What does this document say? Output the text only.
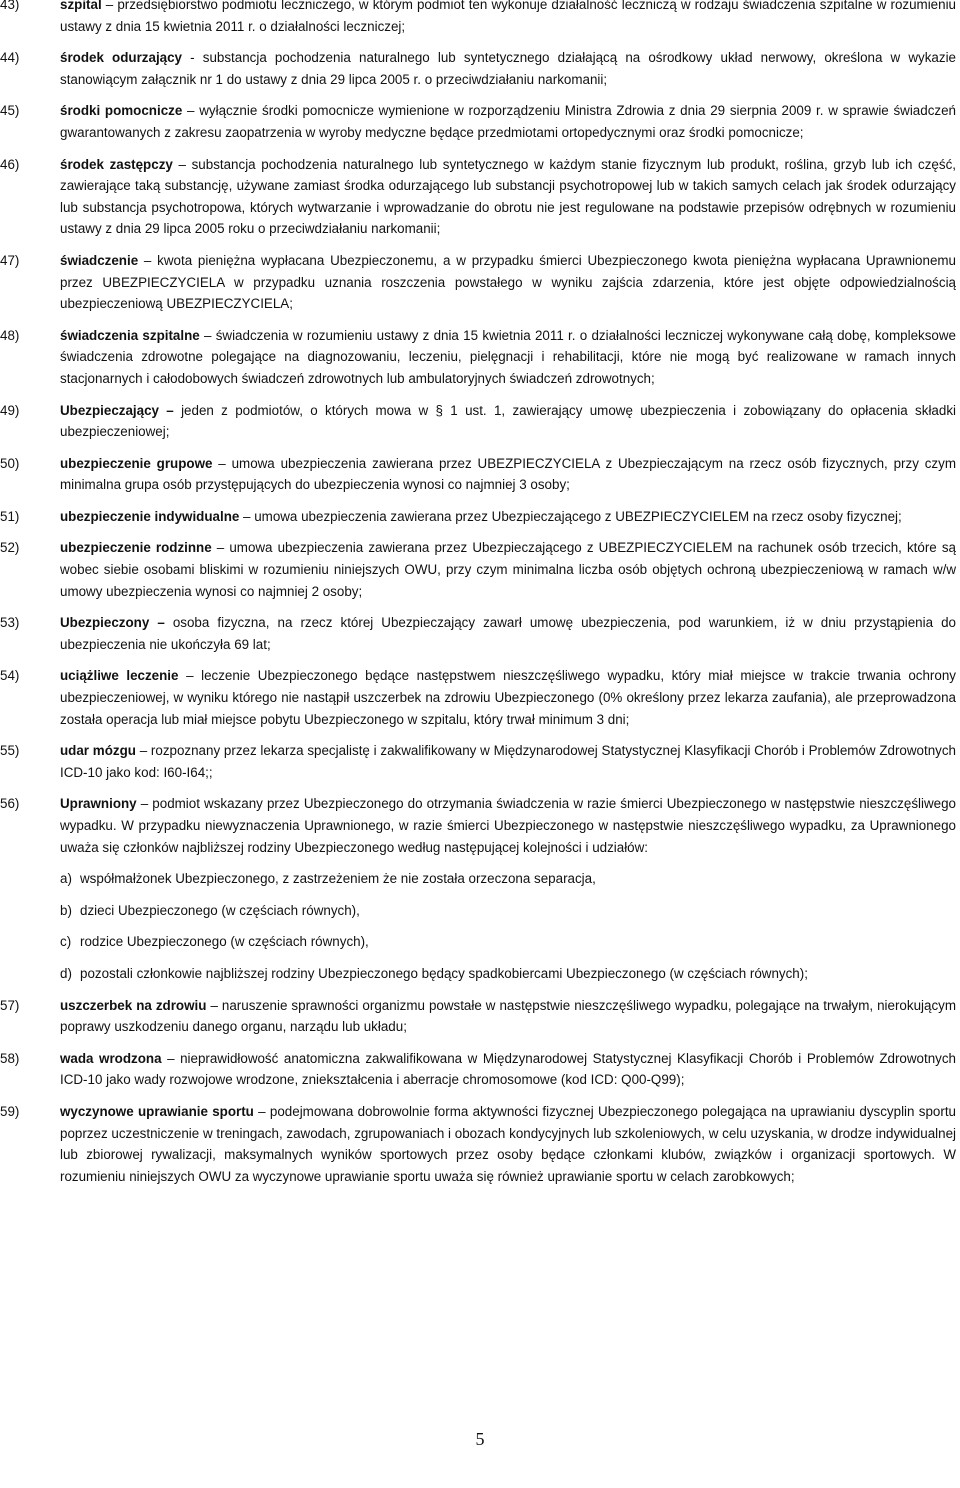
43)	szpital – przedsiębiorstwo podmiotu leczniczego, w którym podmiot ten wykonuje działalność leczniczą w rodzaju świadczenia szpitalne w rozumieniu ustawy z dnia 15 kwietnia 2011 r. o działalności leczniczej;

44)	środek odurzający - substancja pochodzenia naturalnego lub syntetycznego działającą na ośrodkowy układ nerwowy, określona w wykazie stanowiącym załącznik nr 1 do ustawy z dnia 29 lipca 2005 r. o przeciwdziałaniu narkomanii;

45)	środki pomocnicze – wyłącznie środki pomocnicze wymienione w rozporządzeniu Ministra Zdrowia z dnia 29 sierpnia 2009 r. w sprawie świadczeń gwarantowanych z zakresu zaopatrzenia w wyroby medyczne będące przedmiotami ortopedycznymi oraz środki pomocnicze;

46)	środek zastępczy – substancja pochodzenia naturalnego lub syntetycznego w każdym stanie fizycznym lub produkt, roślina, grzyb lub ich część, zawierające taką substancję, używane zamiast środka odurzającego lub substancji psychotropowej lub w takich samych celach jak środek odurzający lub substancja psychotropowa, których wytwarzanie i wprowadzanie do obrotu nie jest regulowane na podstawie przepisów odrębnych w rozumieniu ustawy z dnia 29 lipca 2005 roku o przeciwdziałaniu narkomanii;

47)	świadczenie – kwota pieniężna wypłacana Ubezpieczonemu, a w przypadku śmierci Ubezpieczonego kwota pieniężna wypłacana Uprawnionemu przez UBEZPIECZYCIELA w przypadku uznania roszczenia powstałego w wyniku zajścia zdarzenia, które jest objęte odpowiedzialnością ubezpieczeniową UBEZPIECZYCIELA;

48)	świadczenia szpitalne – świadczenia w rozumieniu ustawy z dnia 15 kwietnia 2011 r. o działalności leczniczej wykonywane całą dobę, kompleksowe świadczenia zdrowotne polegające na diagnozowaniu, leczeniu, pielęgnacji i rehabilitacji, które nie mogą być realizowane w ramach innych stacjonarnych i całodobowych świadczeń zdrowotnych lub ambulatoryjnych świadczeń zdrowotnych;

49)	Ubezpieczający – jeden z podmiotów, o których mowa w § 1 ust. 1, zawierający umowę ubezpieczenia i zobowiązany do opłacenia składki ubezpieczeniowej;

50)	ubezpieczenie grupowe – umowa ubezpieczenia zawierana przez UBEZPIECZYCIELA z Ubezpieczającym na rzecz osób fizycznych, przy czym minimalna grupa osób przystępujących do ubezpieczenia wynosi co najmniej 3 osoby;

51)	ubezpieczenie indywidualne – umowa ubezpieczenia zawierana przez Ubezpieczającego z UBEZPIECZYCIELEM na rzecz osoby fizycznej;

52)	ubezpieczenie rodzinne – umowa ubezpieczenia zawierana przez Ubezpieczającego z UBEZPIECZYCIELEM na rachunek osób trzecich, które są wobec siebie osobami bliskimi w rozumieniu niniejszych OWU, przy czym minimalna liczba osób objętych ochroną ubezpieczeniową w ramach w/w umowy ubezpieczenia wynosi co najmniej 2 osoby;

53)	Ubezpieczony – osoba fizyczna, na rzecz której Ubezpieczający zawarł umowę ubezpieczenia, pod warunkiem, iż w dniu przystąpienia do ubezpieczenia nie ukończyła 69 lat;

54)	uciążliwe leczenie – leczenie Ubezpieczonego będące następstwem nieszczęśliwego wypadku, który miał miejsce w trakcie trwania ochrony ubezpieczeniowej, w wyniku którego nie nastąpił uszczerbek na zdrowiu Ubezpieczonego (0% określony przez lekarza zaufania), ale przeprowadzona została operacja lub miał miejsce pobytu Ubezpieczonego w szpitalu, który trwał minimum 3 dni;

55)	udar mózgu – rozpoznany przez lekarza specjalistę i zakwalifikowany w Międzynarodowej Statystycznej Klasyfikacji Chorób i Problemów Zdrowotnych ICD-10 jako kod: I60-I64;;

56)	Uprawniony – podmiot wskazany przez Ubezpieczonego do otrzymania świadczenia w razie śmierci Ubezpieczonego w następstwie nieszczęśliwego wypadku. W przypadku niewyznaczenia Uprawnionego, w razie śmierci Ubezpieczonego w następstwie nieszczęśliwego wypadku, za Uprawnionego uważa się członków najbliższej rodziny Ubezpieczonego według następującej kolejności i udziałów:

a) współmałżonek Ubezpieczonego, z zastrzeżeniem że nie została orzeczona separacja,

b) dzieci Ubezpieczonego (w częściach równych),

c) rodzice Ubezpieczonego (w częściach równych),

d) pozostali członkowie najbliższej rodziny Ubezpieczonego będący spadkobiercami Ubezpieczonego (w częściach równych);

57)	uszczerbek na zdrowiu – naruszenie sprawności organizmu powstałe w następstwie nieszczęśliwego wypadku, polegające na trwałym, nierokującym poprawy uszkodzeniu danego organu, narządu lub układu;

58)	wada wrodzona – nieprawidłowość anatomiczna zakwalifikowana w Międzynarodowej Statystycznej Klasyfikacji Chorób i Problemów Zdrowotnych ICD-10 jako wady rozwojowe wrodzone, zniekształcenia i aberracje chromosomowe (kod ICD: Q00-Q99);

59)	wyczynowe uprawianie sportu – podejmowana dobrowolnie forma aktywności fizycznej Ubezpieczonego polegająca na uprawianiu dyscyplin sportu poprzez uczestniczenie w treningach, zawodach, zgrupowaniach i obozach kondycyjnych lub szkoleniowych, w celu uzyskania, w drodze indywidualnej lub zbiorowej rywalizacji, maksymalnych wyników sportowych przez osoby będące członkami klubów, związków i organizacji sportowych. W rozumieniu niniejszych OWU za wyczynowe uprawianie sportu uważa się również uprawianie sportu w celach zarobkowych;

5
